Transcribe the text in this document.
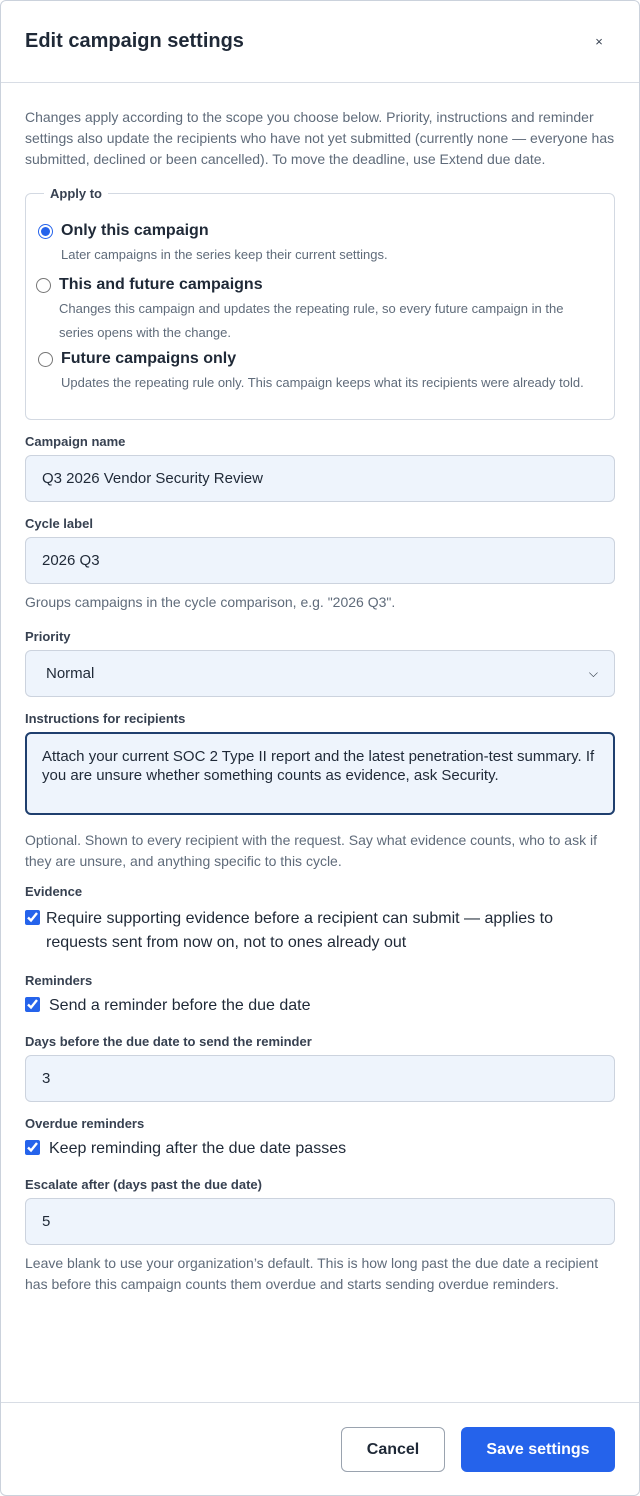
Edit campaign settings	×

Changes apply according to the scope you choose below. Priority, instructions and reminder settings also update the recipients who have not yet submitted (currently none — everyone has submitted, declined or been cancelled). To move the deadline, use Extend due date.

Apply to
Only this campaign
Later campaigns in the series keep their current settings.
This and future campaigns
Changes this campaign and updates the repeating rule, so every future campaign in the series opens with the change.
Future campaigns only
Updates the repeating rule only. This campaign keeps what its recipients were already told.
Campaign name
Q3 2026 Vendor Security Review
Cycle label
2026 Q3

Groups campaigns in the cycle comparison, e.g. "2026 Q3".

Priority
Normal	⌵
Instructions for recipients
Attach your current SOC 2 Type II report and the latest penetration-test summary. If you are unsure whether something counts as evidence, ask Security.

Optional. Shown to every recipient with the request. Say what evidence counts, who to ask if they are unsure, and anything specific to this cycle.

Evidence
Require supporting evidence before a recipient can submit — applies to requests sent from now on, not to ones already out
Reminders
Send a reminder before the due date
Days before the due date to send the reminder
3
Overdue reminders
Keep reminding after the due date passes
Escalate after (days past the due date)
5

Leave blank to use your organization’s default. This is how long past the due date a recipient has before this campaign counts them overdue and starts sending overdue reminders.

Cancel	Save settings
